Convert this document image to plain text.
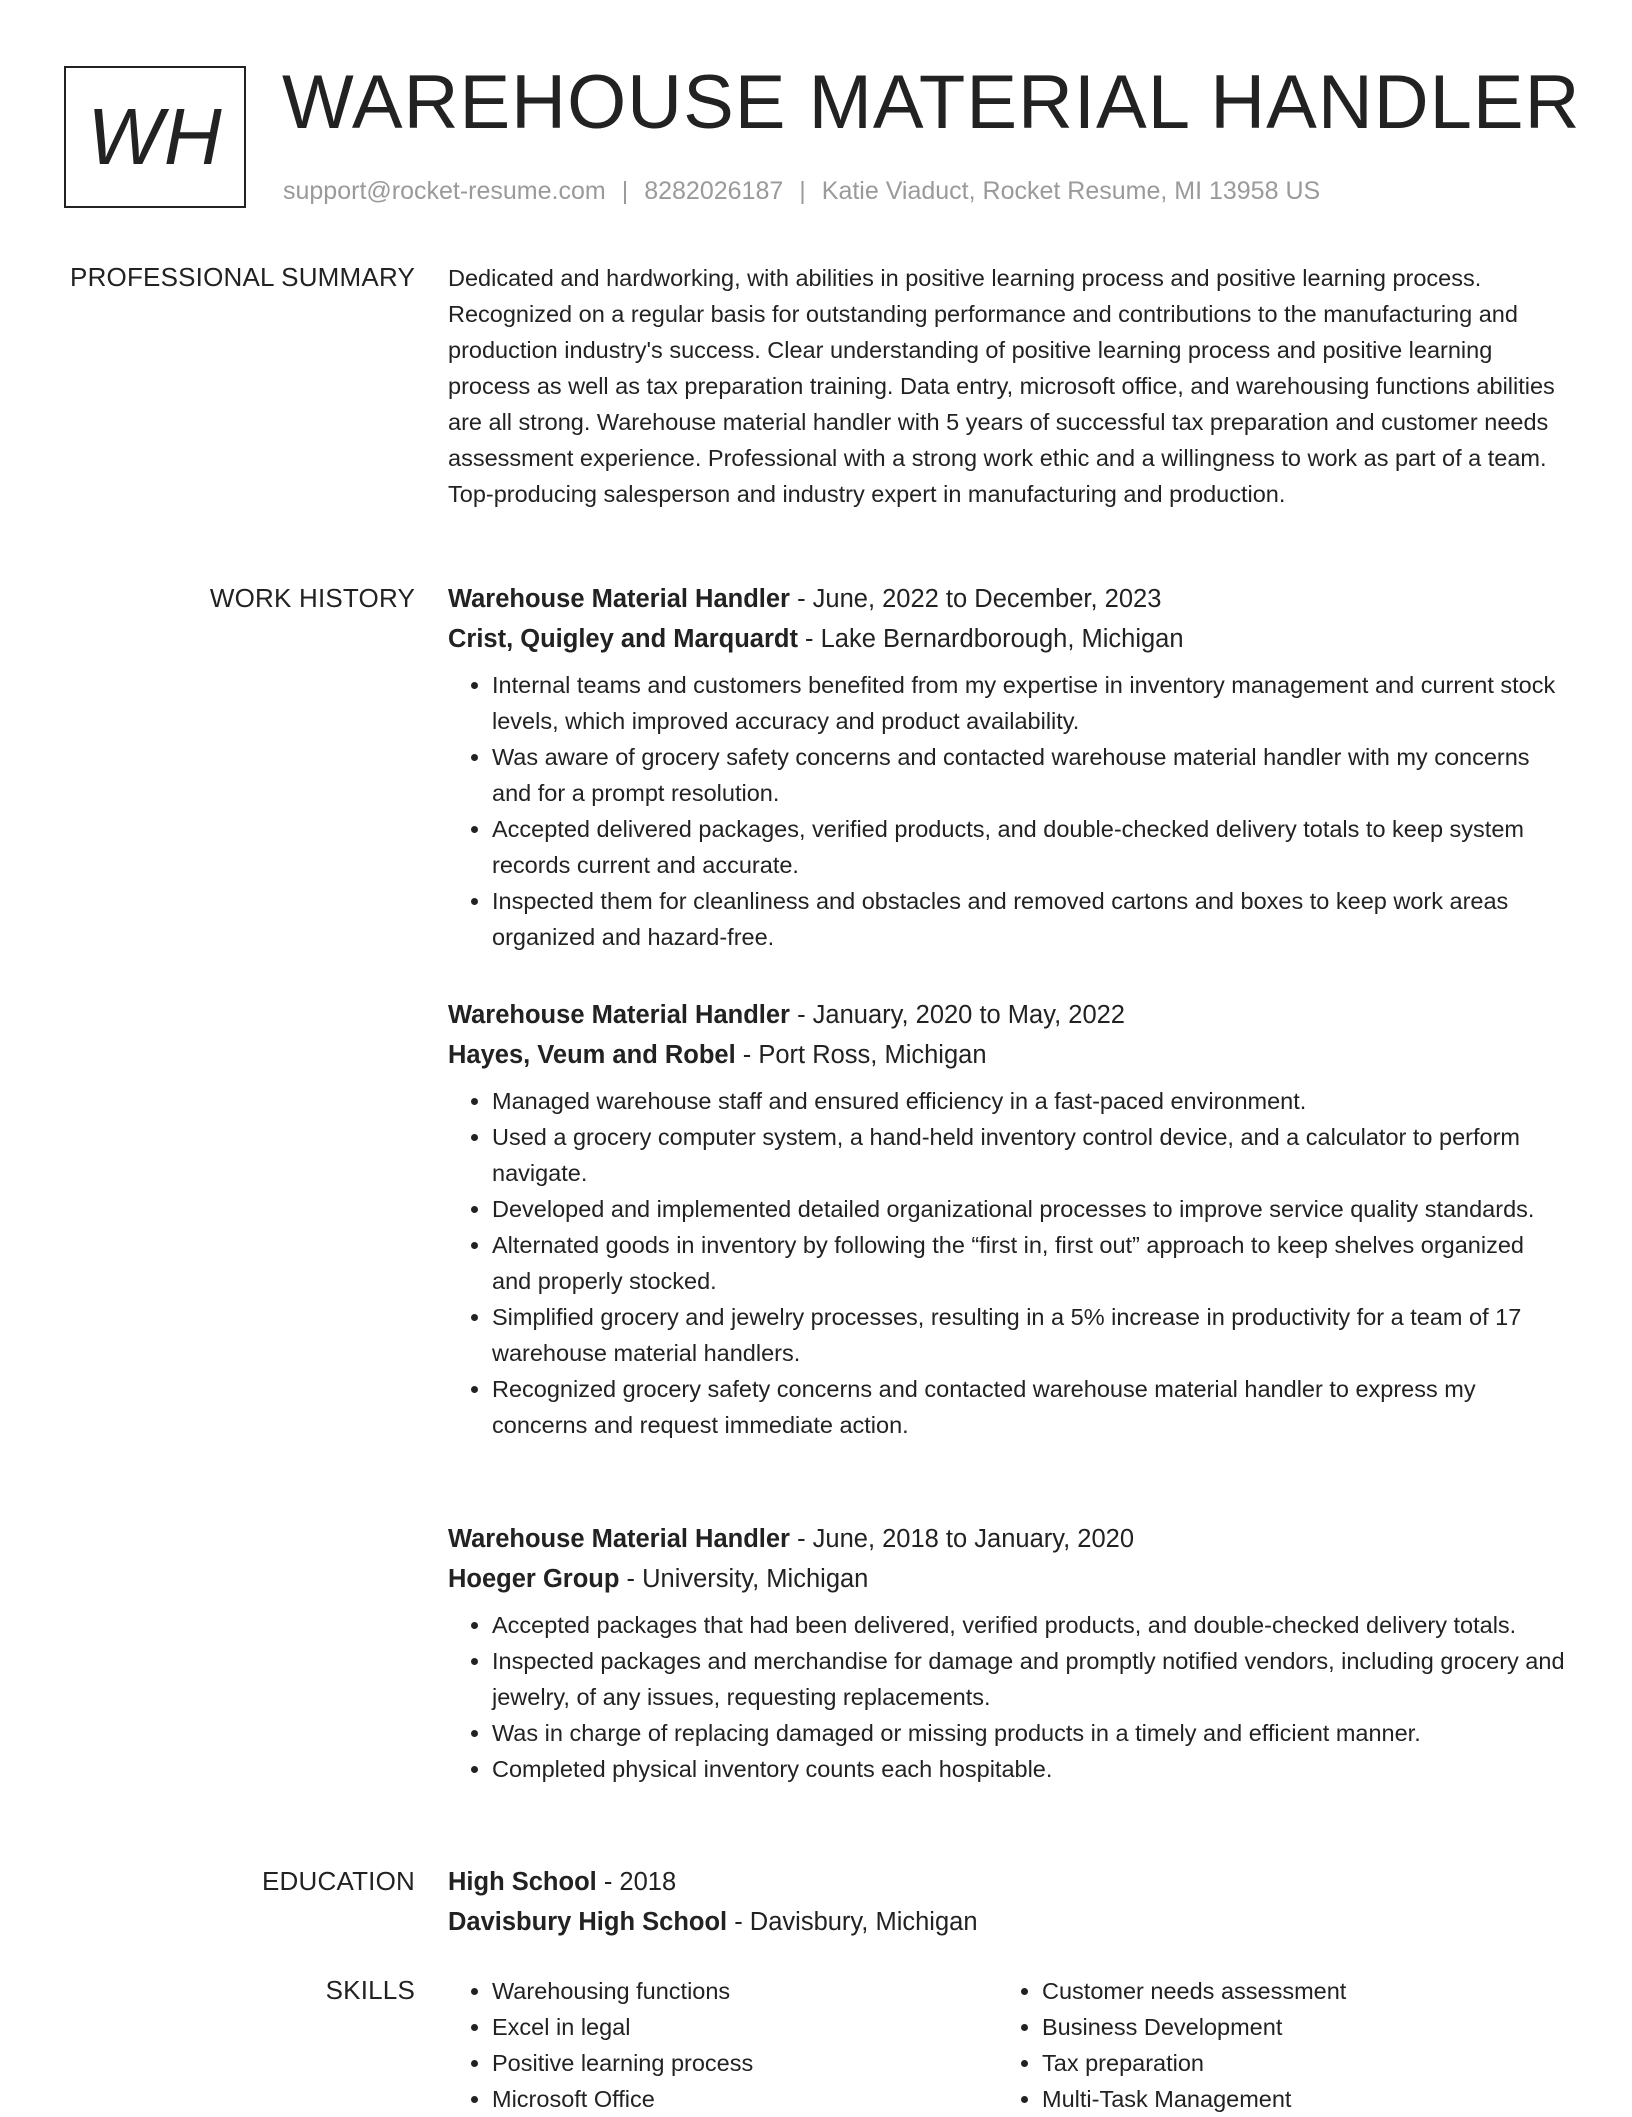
WH WAREHOUSE MATERIAL HANDLER
support@rocket-resume.com | 8282026187 | Katie Viaduct, Rocket Resume, MI 13958 US
PROFESSIONAL SUMMARY Dedicated and hardworking, with abilities in positive learning process and positive learning process. Recognized on a regular basis for outstanding performance and contributions to the manufacturing and production industry's success. Clear understanding of positive learning process and positive learning process as well as tax preparation training. Data entry, microsoft office, and warehousing functions abilities are all strong. Warehouse material handler with 5 years of successful tax preparation and customer needs assessment experience. Professional with a strong work ethic and a willingness to work as part of a team. Top-producing salesperson and industry expert in manufacturing and production.

WORK HISTORY Warehouse Material Handler - June, 2022 to December, 2023
Crist, Quigley and Marquardt - Lake Bernardborough, Michigan
• Internal teams and customers benefited from my expertise in inventory management and current stock levels, which improved accuracy and product availability.
• Was aware of grocery safety concerns and contacted warehouse material handler with my concerns and for a prompt resolution.
• Accepted delivered packages, verified products, and double-checked delivery totals to keep system records current and accurate.
• Inspected them for cleanliness and obstacles and removed cartons and boxes to keep work areas organized and hazard-free.
Warehouse Material Handler - January, 2020 to May, 2022
Hayes, Veum and Robel - Port Ross, Michigan
• Managed warehouse staff and ensured efficiency in a fast-paced environment.
• Used a grocery computer system, a hand-held inventory control device, and a calculator to perform navigate.
• Developed and implemented detailed organizational processes to improve service quality standards.
• Alternated goods in inventory by following the “first in, first out” approach to keep shelves organized and properly stocked.
• Simplified grocery and jewelry processes, resulting in a 5% increase in productivity for a team of 17 warehouse material handlers.
• Recognized grocery safety concerns and contacted warehouse material handler to express my concerns and request immediate action.
Warehouse Material Handler - June, 2018 to January, 2020
Hoeger Group - University, Michigan
• Accepted packages that had been delivered, verified products, and double-checked delivery totals.
• Inspected packages and merchandise for damage and promptly notified vendors, including grocery and jewelry, of any issues, requesting replacements.
• Was in charge of replacing damaged or missing products in a timely and efficient manner.
• Completed physical inventory counts each hospitable.
EDUCATION High School - 2018
Davisbury High School - Davisbury, Michigan
SKILLS
•	Warehousing functions
• Excel in legal
• Positive learning process
• Microsoft Office
• Customer needs assessment
• Business Development
• Tax preparation
• Multi-Task Management
